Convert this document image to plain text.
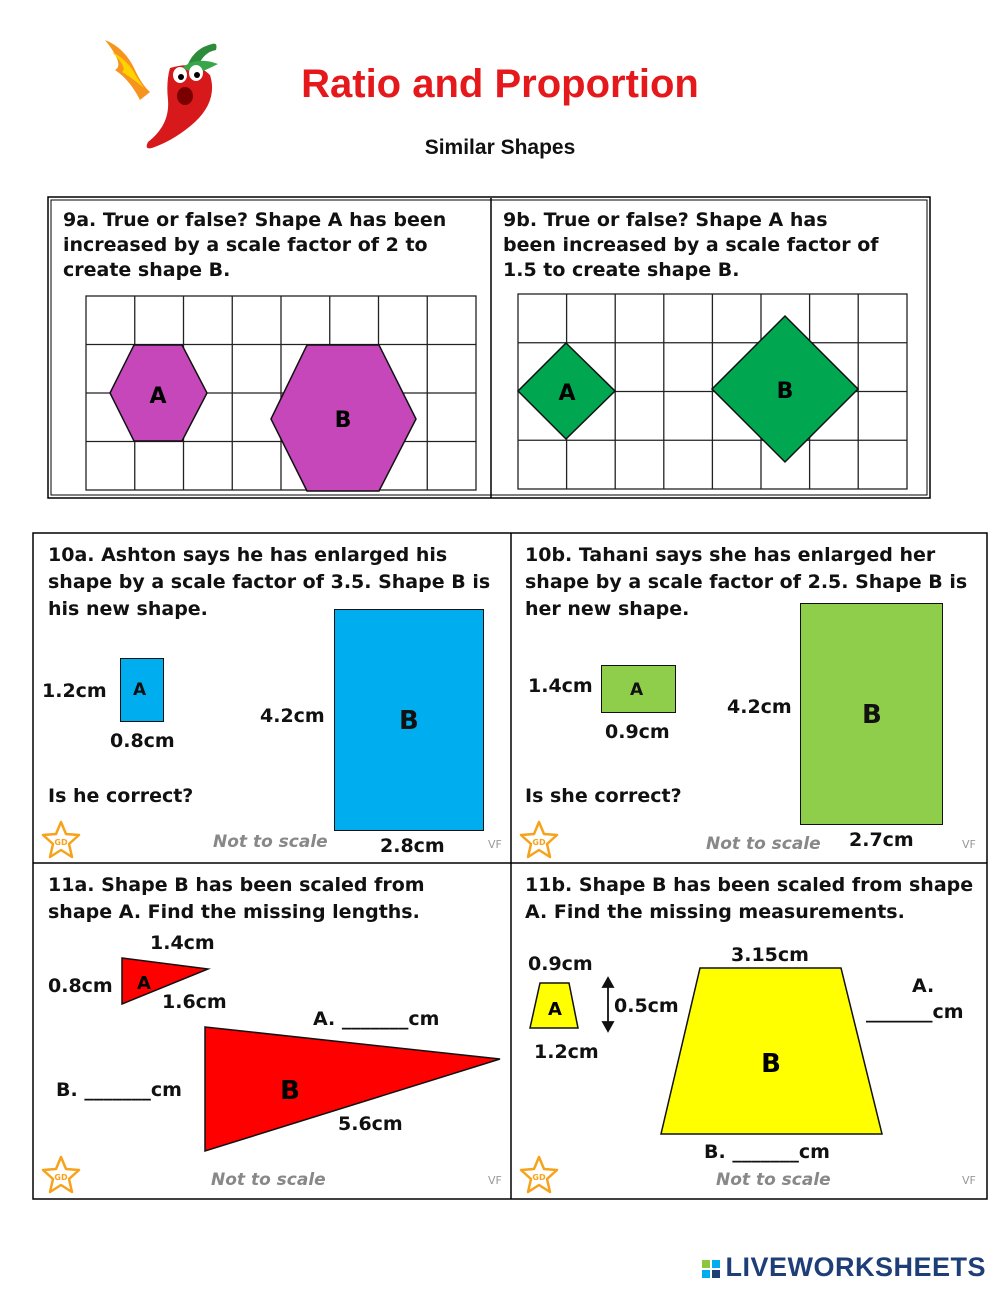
Ratio and Proportion
Similar Shapes
9a. True or false? Shape A has been increased by a scale factor of 2 to create shape B.
9b. True or false? Shape A has been increased by a scale factor of 1.5 to create shape B.
A
B
A	B
10a. Ashton says he has enlarged his shape by a scale factor of 3.5. Shape B is his new shape.
A
1.2cm
0.8cm
B
4.2cm
2.8cm
Is he correct?
Not to scale	VF
10b. Tahani says she has enlarged her shape by a scale factor of 2.5. Shape B is her new shape.
A
1.4cm
0.9cm
B
4.2cm
2.7cm
Is she correct?
Not to scale	VF
11a. Shape B has been scaled from shape A. Find the missing lengths.
A
B
1.4cm
0.8cm
1.6cm
A. _______cm
B. _______cm
5.6cm
Not to scale	VF
11b. Shape B has been scaled from shape A. Find the missing measurements.
A
B
0.9cm
0.5cm
1.2cm
3.15cm
A.
_______cm
B. _______cm
Not to scale	VF
GD	GD
GD	GD

LIVEWORKSHEETS
